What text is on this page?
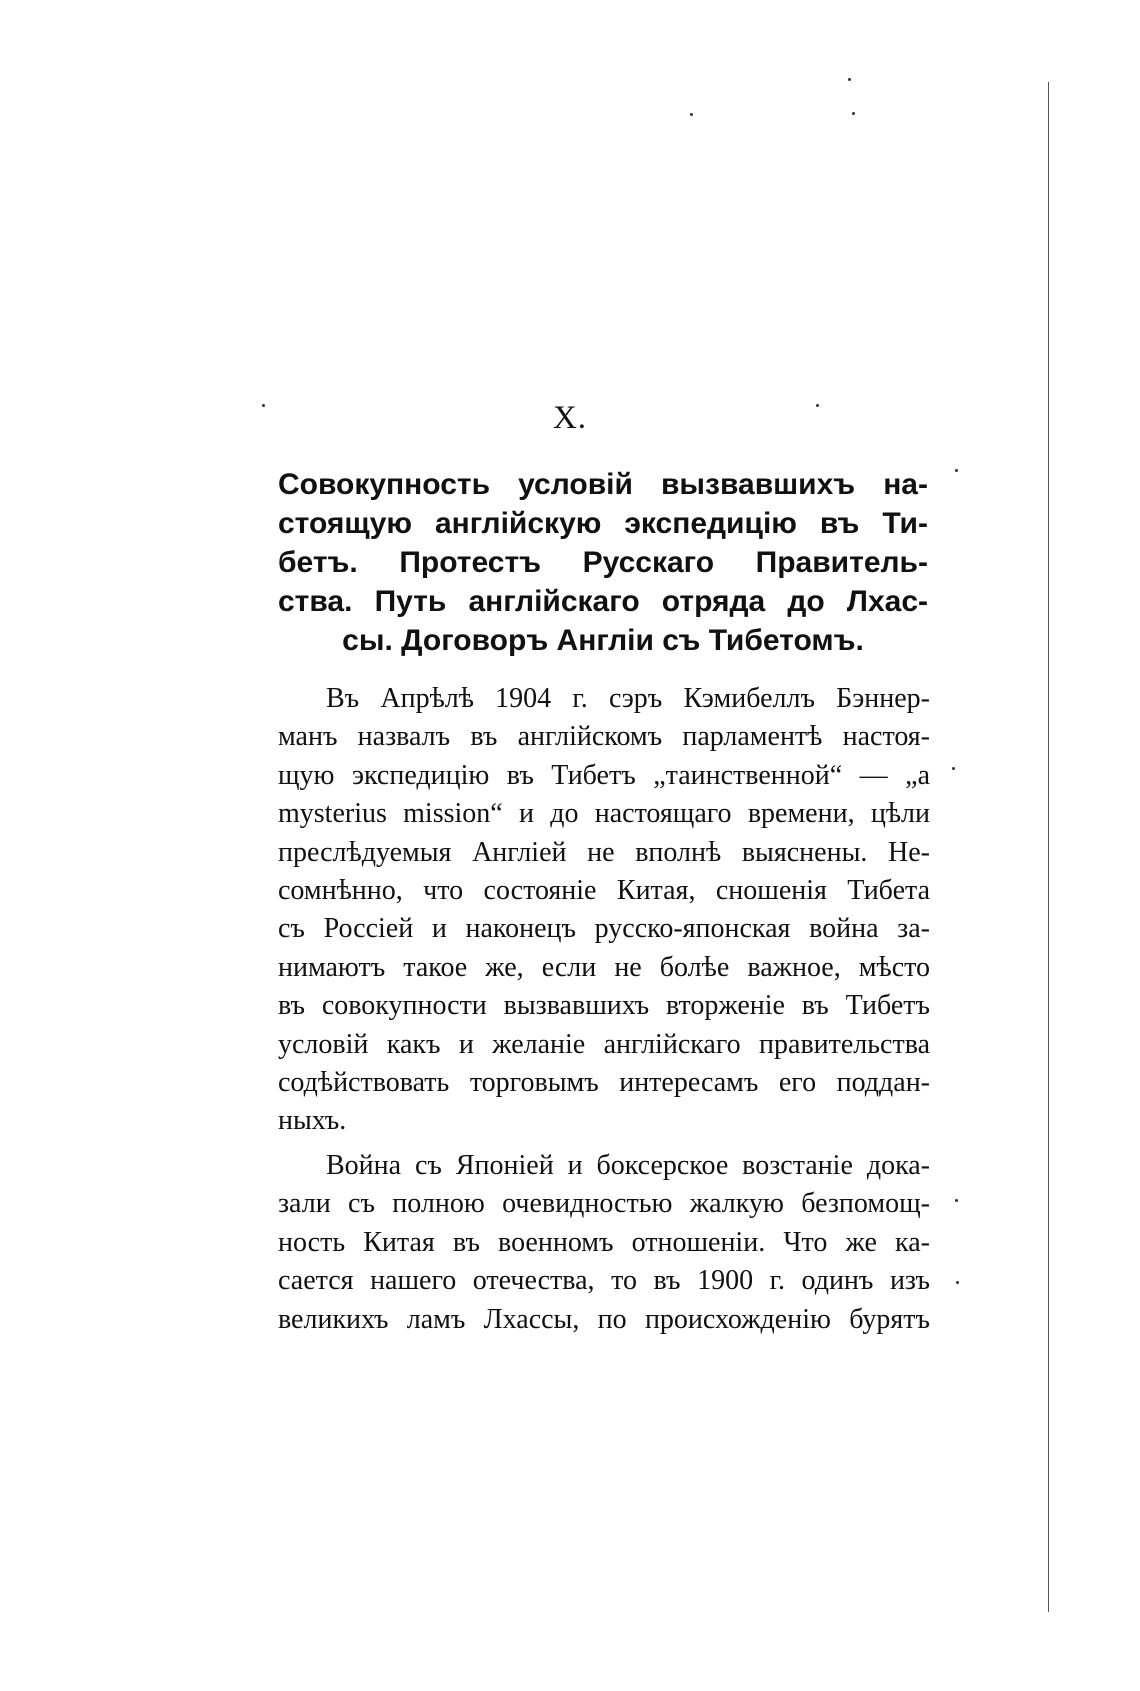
X.
Совокупность условій вызвавшихъ на-
стоящую англійскую экспедицію въ Ти-
бетъ. Протестъ Русскаго Правитель-
ства. Путь англійскаго отряда до Лхас-
сы. Договоръ Англіи съ Тибетомъ.
Въ Апрѣлѣ 1904 г. сэръ Кэмибеллъ Бэннер-
манъ назвалъ въ англійскомъ парламентѣ настоя-
щую экспедицію въ Тибетъ „таинственной“ — „a
mysterius mission“ и до настоящаго времени, цѣли
преслѣдуемыя Англіей не вполнѣ выяснены. Не-
сомнѣнно, что состояніе Китая, сношенія Тибета
съ Россіей и наконецъ русско-японская война за-
нимаютъ такое же, если не болѣе важное, мѣсто
въ совокупности вызвавшихъ вторженіе въ Тибетъ
условій какъ и желаніе англійскаго правительства
содѣйствовать торговымъ интересамъ его поддан-
ныхъ.
Война съ Японіей и боксерское возстаніе дока-
зали съ полною очевидностью жалкую безпомощ-
ность Китая въ военномъ отношеніи. Что же ка-
сается нашего отечества, то въ 1900 г. одинъ изъ
великихъ ламъ Лхассы, по происхожденію бурятъ
